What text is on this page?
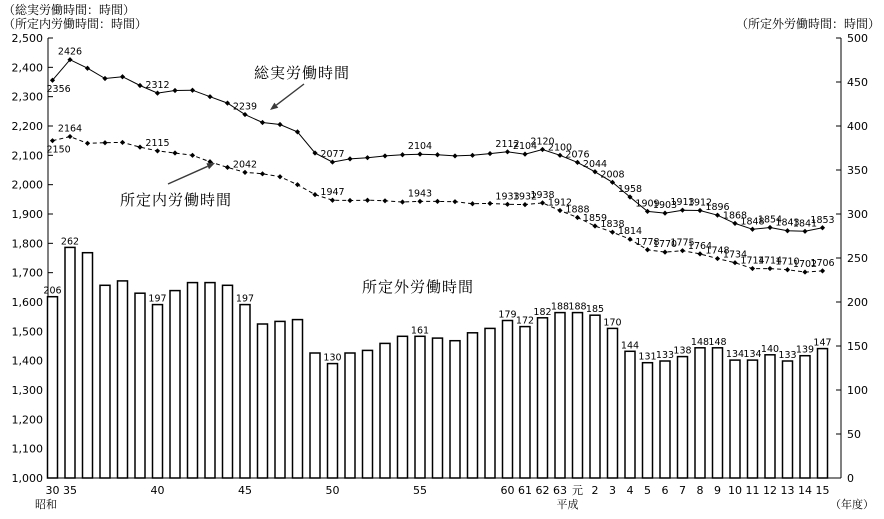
1,000
1,100
1,200
1,300
1,400
1,500
1,600
1,700
1,800
1,900
2,000
2,100
2,200
2,300
2,400
2,500
0
50
100
150
200
250
300
350
400
450
500
30 35	40	45	50	55	60 61 62 63 元 2 3 4 5 6 7 8 9 10 11 12 13 14 15
昭和	平成	（年度）
206
262
197	197
130
161
179
172
182 188 188 185
170
144
131 133 138
148 148
134 134 140
133 139
147
2356
2426
2312
2239
2077
2104	2112
2104
2120
2100
2076
2044
2008
1958
1909
1903
1913
1912
1896
1868
1848
1854
1843
1841
1853
2150
2164
2115
2042
1947	1943	1933
1932
1938
1912
1888
1859
1838
1814
1778
1770
1775
1764
1748
1734
1714
1714
1710
1702
1706
（総実労働時間：時間）
（所定内労働時間：時間）	（所定外労働時間：時間）
総実労働時間
所定内労働時間
所定外労働時間
